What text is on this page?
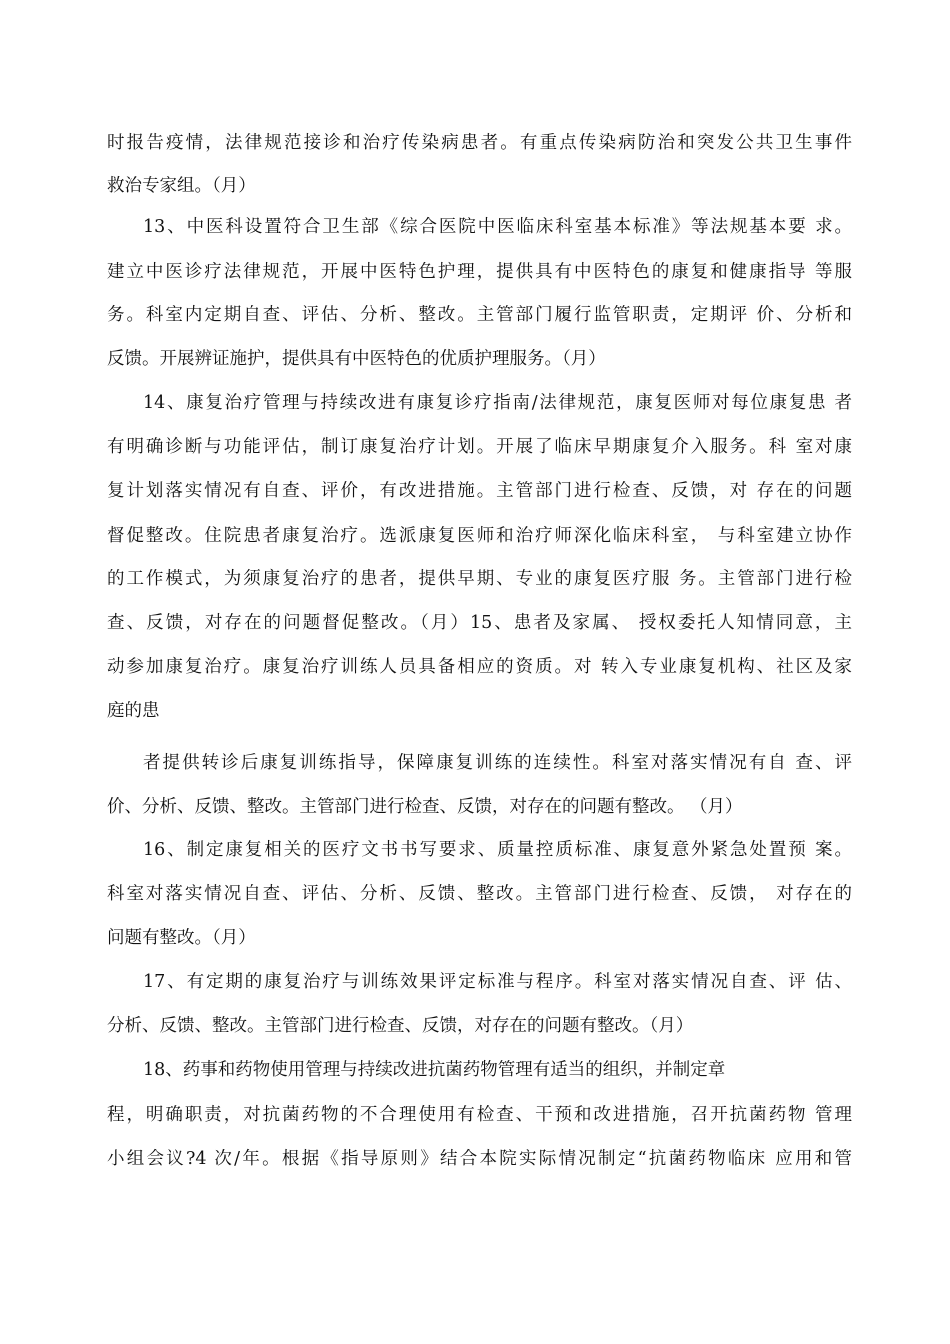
时报告疫情，法律规范接诊和治疗传染病患者。有重点传染病防治和突发公共卫生事件
救治专家组。（月）
13、中医科设置符合卫生部《综合医院中医临床科室基本标准》等法规基本要 求。
建立中医诊疗法律规范，开展中医特色护理，提供具有中医特色的康复和健康指导 等服
务。科室内定期自查、评估、分析、整改。主管部门履行监管职责，定期评 价、分析和
反馈。开展辨证施护，提供具有中医特色的优质护理服务。（月）
14、康复治疗管理与持续改进有康复诊疗指南/法律规范，康复医师对每位康复患 者
有明确诊断与功能评估，制订康复治疗计划。开展了临床早期康复介入服务。科 室对康
复计划落实情况有自查、评价，有改进措施。主管部门进行检查、反馈，对 存在的问题
督促整改。住院患者康复治疗。选派康复医师和治疗师深化临床科室， 与科室建立协作
的工作模式，为须康复治疗的患者，提供早期、专业的康复医疗服 务。主管部门进行检
查、反馈，对存在的问题督促整改。（月）15、患者及家属、 授权委托人知情同意，主
动参加康复治疗。康复治疗训练人员具备相应的资质。对 转入专业康复机构、社区及家
庭的患
者提供转诊后康复训练指导，保障康复训练的连续性。科室对落实情况有自 查、评
价、分析、反馈、整改。主管部门进行检查、反馈，对存在的问题有整改。 （月）
16、制定康复相关的医疗文书书写要求、质量控质标准、康复意外紧急处置预 案。
科室对落实情况自查、评估、分析、反馈、整改。主管部门进行检查、反馈， 对存在的
问题有整改。（月）
17、有定期的康复治疗与训练效果评定标准与程序。科室对落实情况自查、评 估、
分析、反馈、整改。主管部门进行检查、反馈，对存在的问题有整改。（月）
18、药事和药物使用管理与持续改进抗菌药物管理有适当的组织，并制定章
程，明确职责，对抗菌药物的不合理使用有检查、干预和改进措施，召开抗菌药物 管理
小组会议?4 次/年。根据《指导原则》结合本院实际情况制定“抗菌药物临床 应用和管
